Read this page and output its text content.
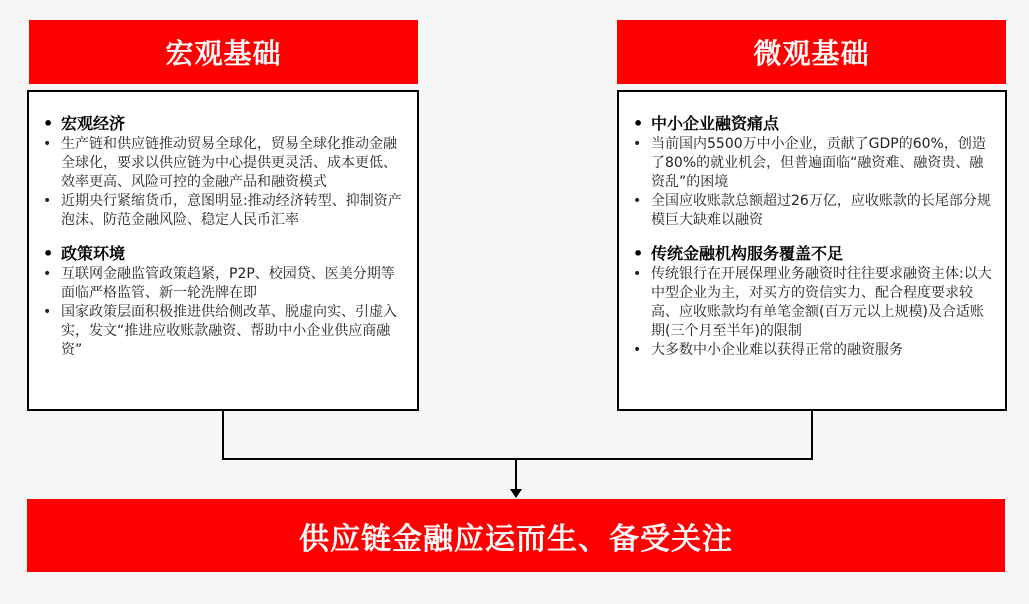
宏观基础	微观基础
• 宏观经济
• 生产链和供应链推动贸易全球化，贸易全球化推动金融全球化，要求以供应链为中心提供更灵活、成本更低、效率更高、风险可控的金融产品和融资模式
• 近期央行紧缩货币，意图明显:推动经济转型、抑制资产泡沫、防范金融风险、稳定人民币汇率
• 政策环境
• 互联网金融监管政策趋紧，P2P、校园贷、医美分期等面临严格监管、新一轮洗牌在即
• 国家政策层面积极推进供给侧改革、脱虚向实、引虚入实，发文“推进应收账款融资、帮助中小企业供应商融资”
• 中小企业融资痛点
• 当前国内5500万中小企业，贡献了GDP的60%，创造了80%的就业机会，但普遍面临“融资难、融资贵、融资乱”的困境
• 全国应收账款总额超过26万亿，应收账款的长尾部分规模巨大缺难以融资
• 传统金融机构服务覆盖不足
• 传统银行在开展保理业务融资时往往要求融资主体:以大中型企业为主，对买方的资信实力、配合程度要求较高、应收账款均有单笔金额(百万元以上规模)及合适账期(三个月至半年)的限制
• 大多数中小企业难以获得正常的融资服务
供应链金融应运而生、备受关注
